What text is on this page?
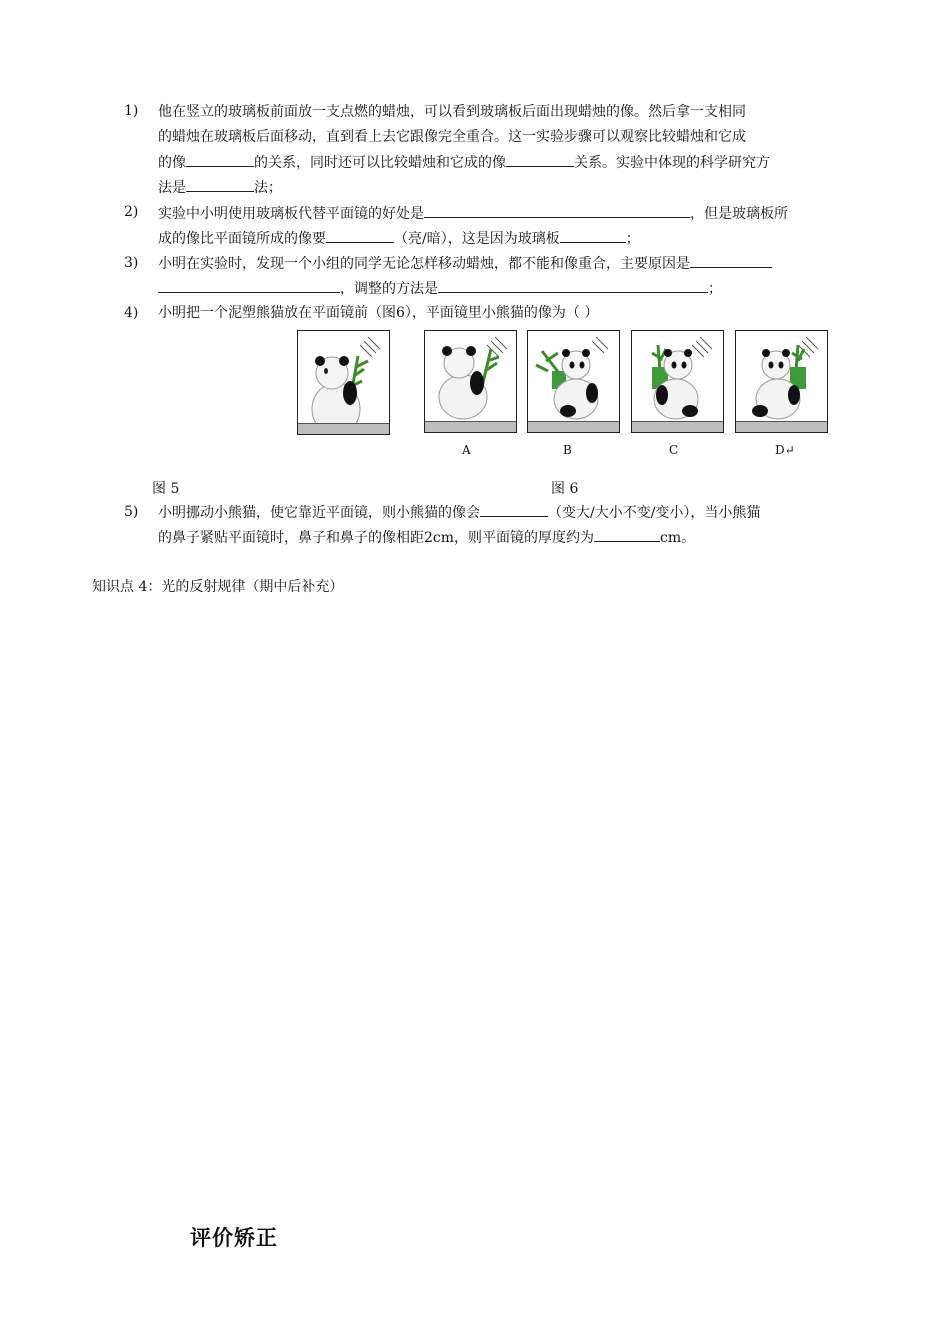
1) 他在竖立的玻璃板前面放一支点燃的蜡烛，可以看到玻璃板后面出现蜡烛的像。然后拿一支相同
的蜡烛在玻璃板后面移动，直到看上去它跟像完全重合。这一实验步骤可以观察比较蜡烛和它成
的像	的关系，同时还可以比较蜡烛和它成的像	关系。实验中体现的科学研究方
法是	法；
2) 实验中小明使用玻璃板代替平面镜的好处是	，但是玻璃板所
成的像比平面镜所成的像要	（亮/暗），这是因为玻璃板	；
3) 小明在实验时，发现一个小组的同学无论怎样移动蜡烛，都不能和像重合，主要原因是
，调整的方法是	；
4) 小明把一个泥塑熊猫放在平面镜前（图6），平面镜里小熊猫的像为（ ）
A	B	C	D↵
图 5	图 6
5) 小明挪动小熊猫，使它靠近平面镜，则小熊猫的像会	（变大/大小不变/变小），当小熊猫
的鼻子紧贴平面镜时，鼻子和鼻子的像相距2cm，则平面镜的厚度约为	cm。
知识点 4：光的反射规律（期中后补充）
评价矫正
